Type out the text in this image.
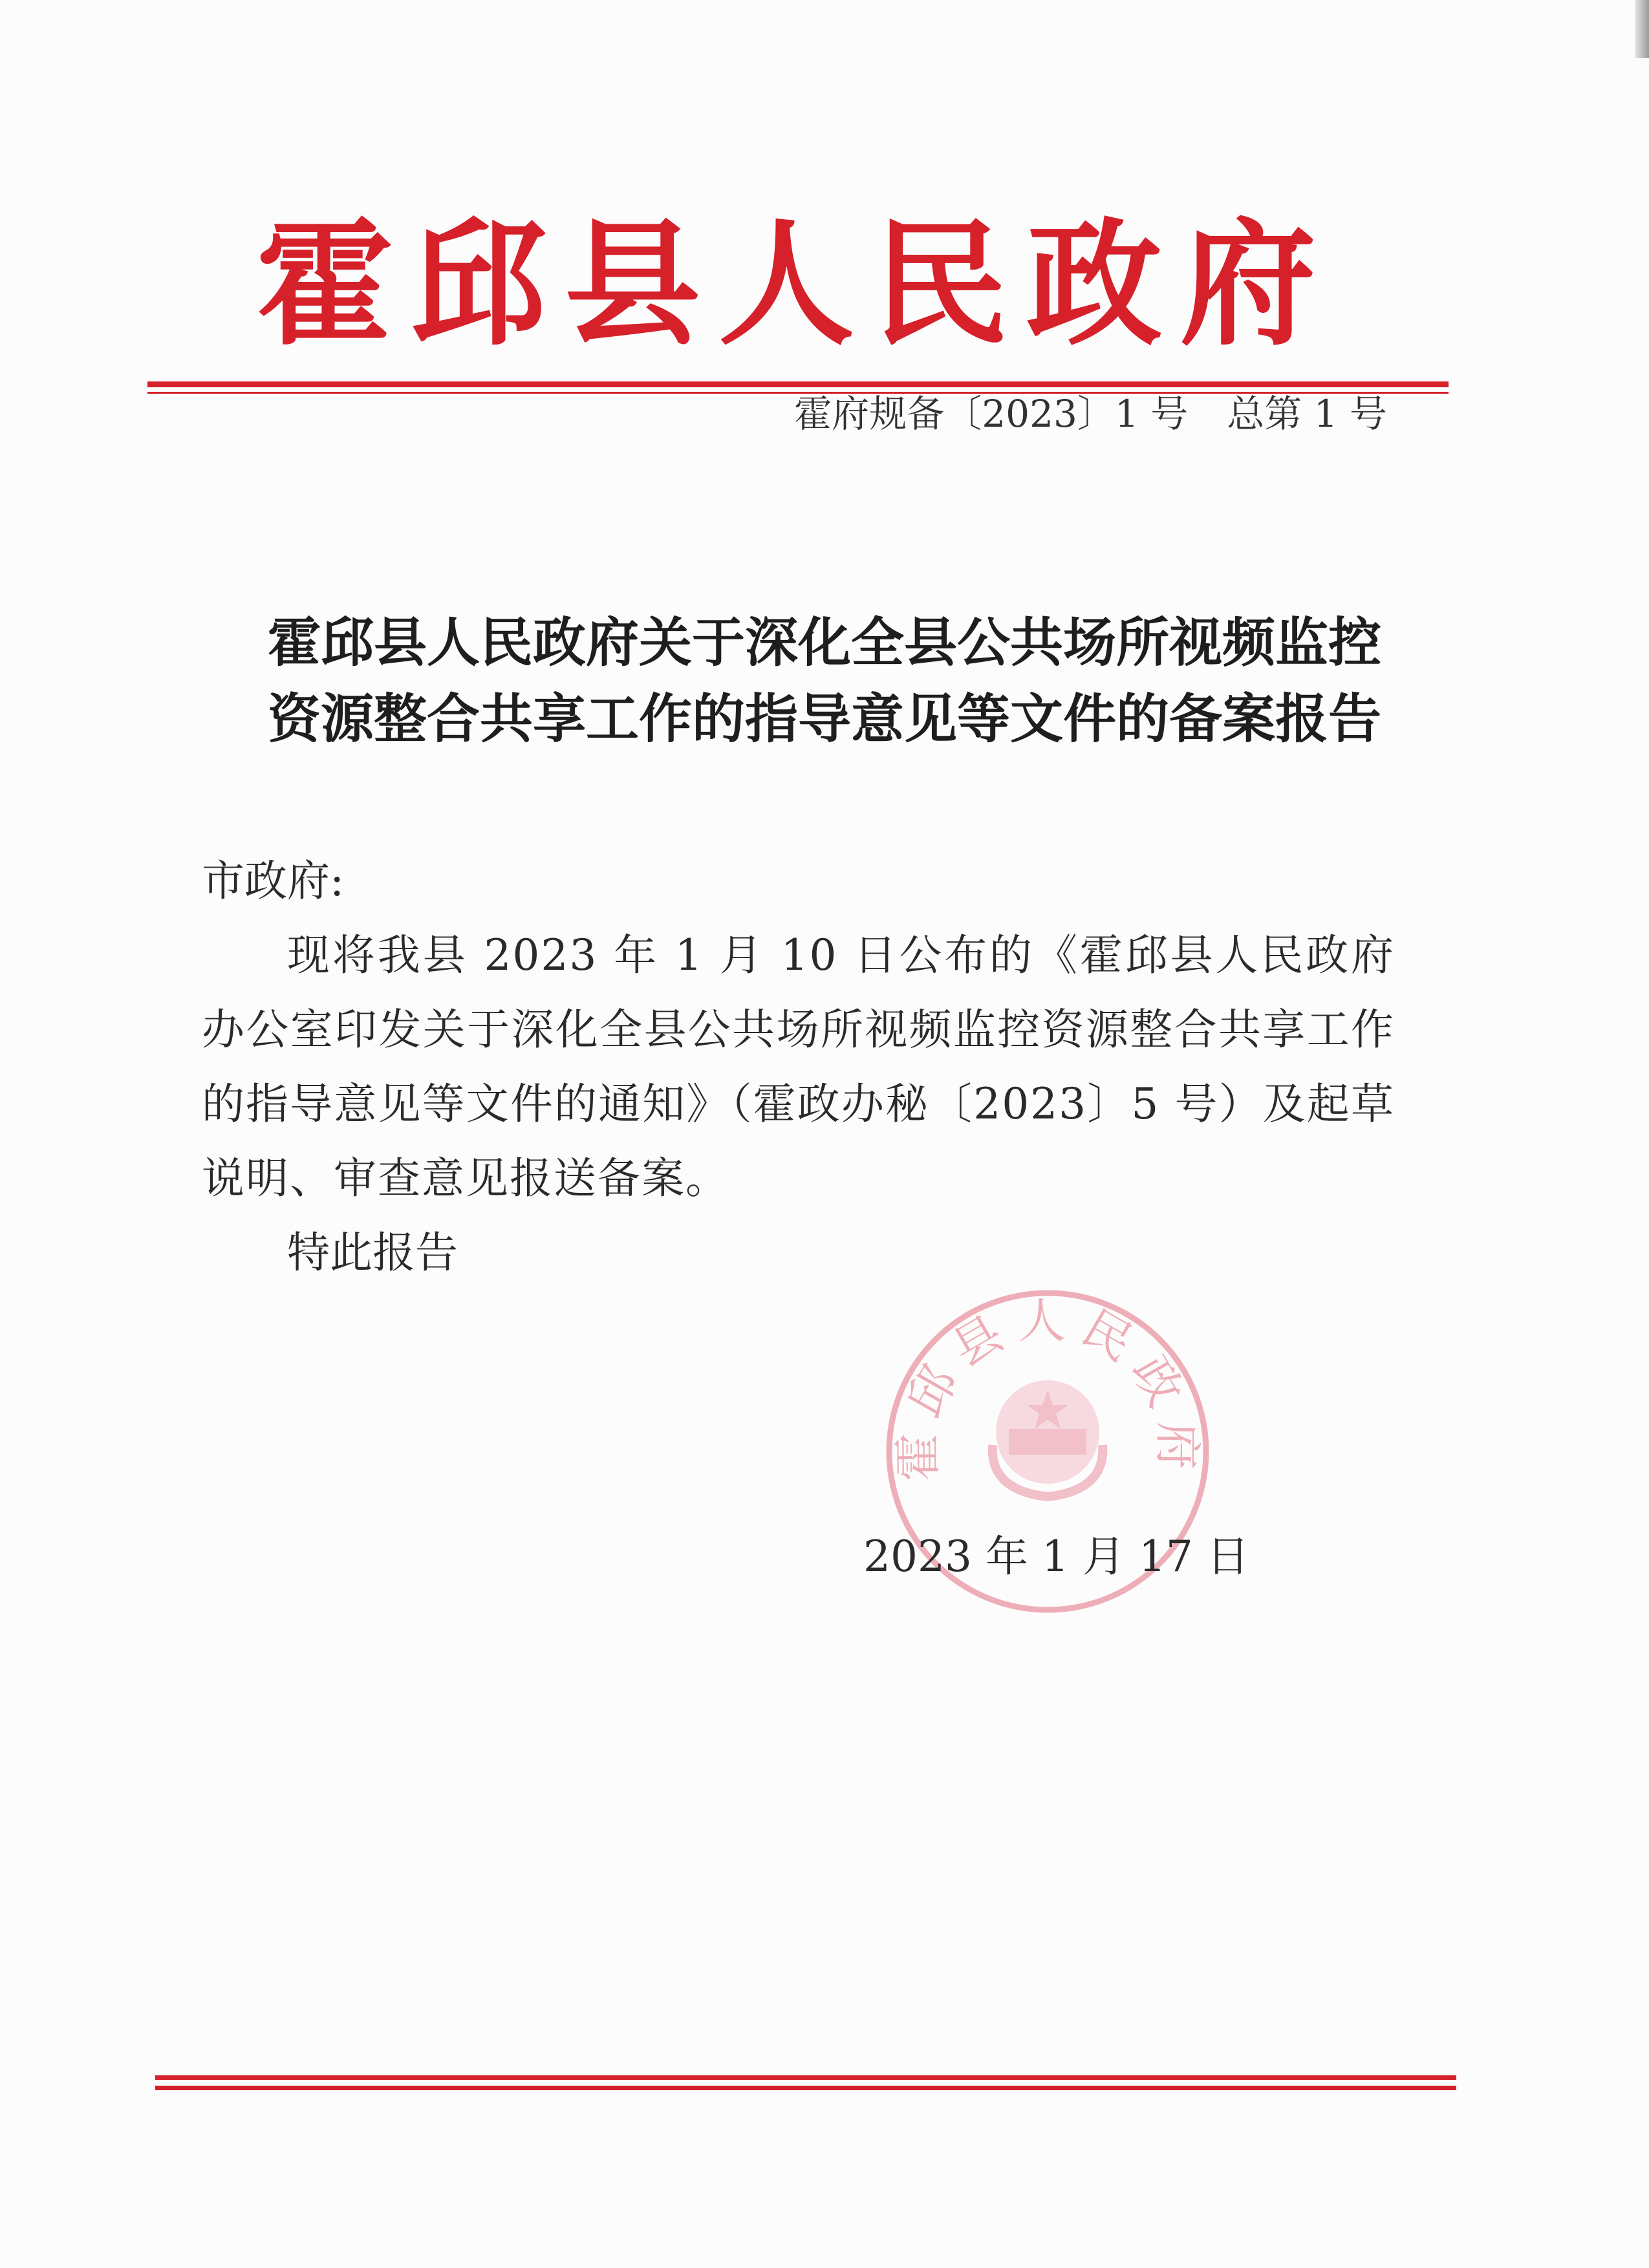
霍邱县人民政府
霍府规备〔2023〕1 号 总第 1 号
霍邱县人民政府关于深化全县公共场所视频监控
资源整合共享工作的指导意见等文件的备案报告
市政府:
现将我县 2023 年 1 月 10 日公布的《霍邱县人民政府办公室印发关于深化全县公共场所视频监控资源整合共享工作的指导意见等文件的通知》（霍政办秘〔2023〕5 号）及起草说明、审查意见报送备案。
特此报告
霍邱县人民政府
2023 年 1 月 17 日
